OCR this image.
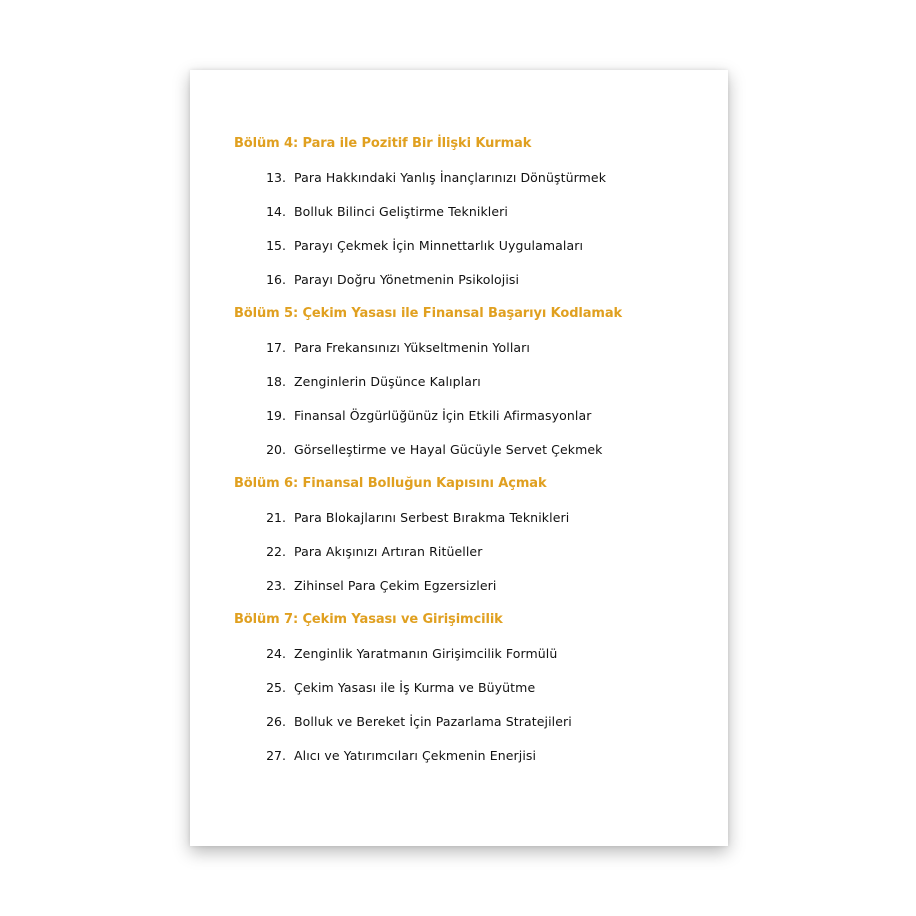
Bölüm 4: Para ile Pozitif Bir İlişki Kurmak
13. Para Hakkındaki Yanlış İnançlarınızı Dönüştürmek
14. Bolluk Bilinci Geliştirme Teknikleri
15. Parayı Çekmek İçin Minnettarlık Uygulamaları
16. Parayı Doğru Yönetmenin Psikolojisi
Bölüm 5: Çekim Yasası ile Finansal Başarıyı Kodlamak
17. Para Frekansınızı Yükseltmenin Yolları
18. Zenginlerin Düşünce Kalıpları
19. Finansal Özgürlüğünüz İçin Etkili Afirmasyonlar
20. Görselleştirme ve Hayal Gücüyle Servet Çekmek
Bölüm 6: Finansal Bolluğun Kapısını Açmak
21. Para Blokajlarını Serbest Bırakma Teknikleri
22. Para Akışınızı Artıran Ritüeller
23. Zihinsel Para Çekim Egzersizleri
Bölüm 7: Çekim Yasası ve Girişimcilik
24. Zenginlik Yaratmanın Girişimcilik Formülü
25. Çekim Yasası ile İş Kurma ve Büyütme
26. Bolluk ve Bereket İçin Pazarlama Stratejileri
27. Alıcı ve Yatırımcıları Çekmenin Enerjisi
